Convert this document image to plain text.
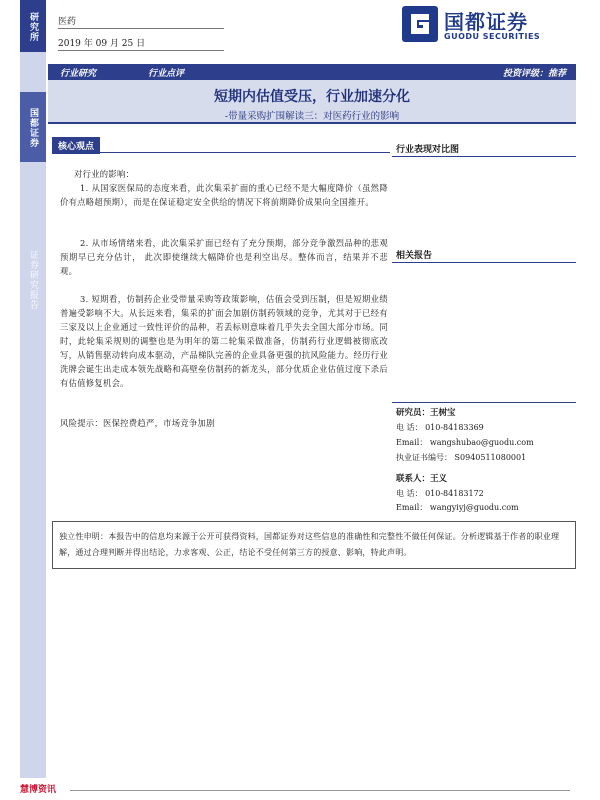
研究所
国都证券
证券研究报告
医药
2019 年 09 月 25 日
国都证券
GUODU SECURITIES
行业研究	行业点评	投资评级：推荐
短期内估值受压，行业加速分化
-带量采购扩围解读三：对医药行业的影响
核心观点	行业表现对比图
相关报告
对行业的影响：
1. 从国家医保局的态度来看，此次集采扩面的重心已经不是大幅度降价（虽然降价有点略超预期），而是在保证稳定安全供给的情况下将前期降价成果向全国推开。
2. 从市场情绪来看，此次集采扩面已经有了充分预期，部分竞争激烈品种的悲观预期早已充分估计， 此次即使继续大幅降价也是利空出尽。整体而言，结果并不悲观。
3. 短期看，仿制药企业受带量采购等政策影响，估值会受到压制，但是短期业绩普遍受影响不大。从长远来看，集采的扩面会加剧仿制药领域的竞争，尤其对于已经有三家及以上企业通过一致性评价的品种，若丢标则意味着几乎失去全国大部分市场。同时，此轮集采规则的调整也是为明年的第二轮集采做准备，仿制药行业逻辑被彻底改写，从销售驱动转向成本驱动，产品梯队完善的企业具备更强的抗风险能力。经历行业洗牌会诞生出走成本领先战略和高壁垒仿制药的新龙头，部分优质企业估值过度下杀后有估值修复机会。
风险提示：医保控费趋严，市场竞争加剧
研究员：王树宝
电 话： 010-84183369
Email： wangshubao@guodu.com
执业证书编号： S0940511080001
联系人：王义
电 话： 010-84183172
Email： wangyiyj@guodu.com
独立性申明：本报告中的信息均来源于公开可获得资料，国都证券对这些信息的准确性和完整性不做任何保证。分析逻辑基于作者的职业理解，通过合理判断并得出结论，力求客观、公正，结论不受任何第三方的授意、影响，特此声明。
慧博资讯
